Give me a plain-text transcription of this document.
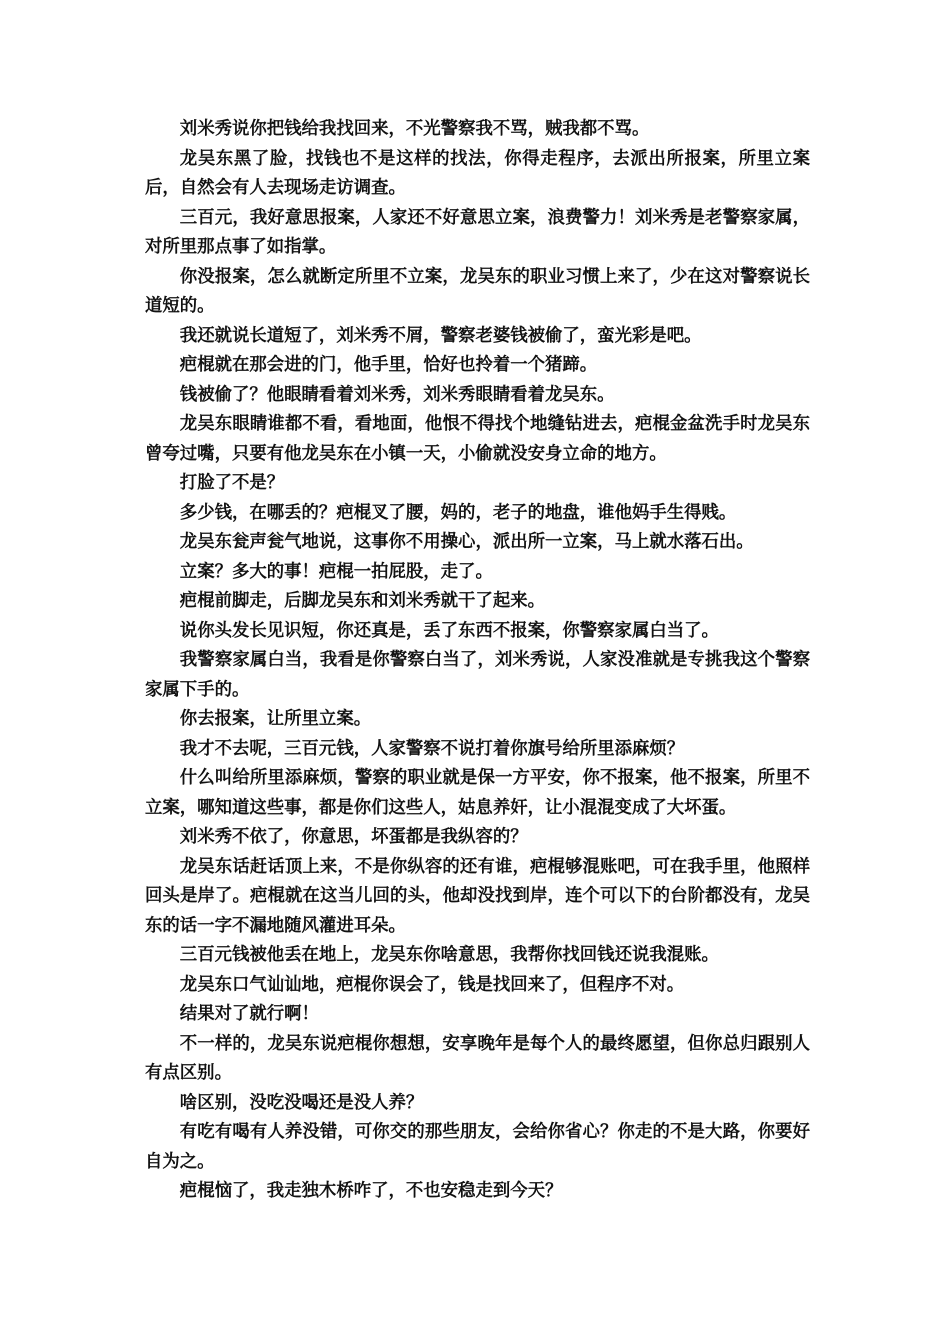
刘米秀说你把钱给我找回来，不光警察我不骂，贼我都不骂。

龙吴东黑了脸，找钱也不是这样的找法，你得走程序，去派出所报案，所里立案后，自然会有人去现场走访调查。

三百元，我好意思报案，人家还不好意思立案，浪费警力！刘米秀是老警察家属，对所里那点事了如指掌。

你没报案，怎么就断定所里不立案，龙吴东的职业习惯上来了，少在这对警察说长道短的。

我还就说长道短了，刘米秀不屑，警察老婆钱被偷了，蛮光彩是吧。

疤棍就在那会进的门，他手里，恰好也拎着一个猪蹄。

钱被偷了？他眼睛看着刘米秀，刘米秀眼睛看着龙吴东。

龙吴东眼睛谁都不看，看地面，他恨不得找个地缝钻进去，疤棍金盆洗手时龙吴东曾夸过嘴，只要有他龙吴东在小镇一天，小偷就没安身立命的地方。

打脸了不是？

多少钱，在哪丢的？疤棍叉了腰，妈的，老子的地盘，谁他妈手生得贱。

龙吴东瓮声瓮气地说，这事你不用操心，派出所一立案，马上就水落石出。

立案？多大的事！疤棍一拍屁股，走了。

疤棍前脚走，后脚龙吴东和刘米秀就干了起来。

说你头发长见识短，你还真是，丢了东西不报案，你警察家属白当了。

我警察家属白当，我看是你警察白当了，刘米秀说，人家没准就是专挑我这个警察家属下手的。

你去报案，让所里立案。

我才不去呢，三百元钱，人家警察不说打着你旗号给所里添麻烦？

什么叫给所里添麻烦，警察的职业就是保一方平安，你不报案，他不报案，所里不立案，哪知道这些事，都是你们这些人，姑息养奸，让小混混变成了大坏蛋。

刘米秀不依了，你意思，坏蛋都是我纵容的？

龙吴东话赶话顶上来，不是你纵容的还有谁，疤棍够混账吧，可在我手里，他照样回头是岸了。疤棍就在这当儿回的头，他却没找到岸，连个可以下的台阶都没有，龙吴东的话一字不漏地随风灌进耳朵。

三百元钱被他丢在地上，龙吴东你啥意思，我帮你找回钱还说我混账。

龙吴东口气讪讪地，疤棍你误会了，钱是找回来了，但程序不对。

结果对了就行啊！

不一样的，龙吴东说疤棍你想想，安享晚年是每个人的最终愿望，但你总归跟别人有点区别。

啥区别，没吃没喝还是没人养？

有吃有喝有人养没错，可你交的那些朋友，会给你省心？你走的不是大路，你要好自为之。

疤棍恼了，我走独木桥咋了，不也安稳走到今天？
